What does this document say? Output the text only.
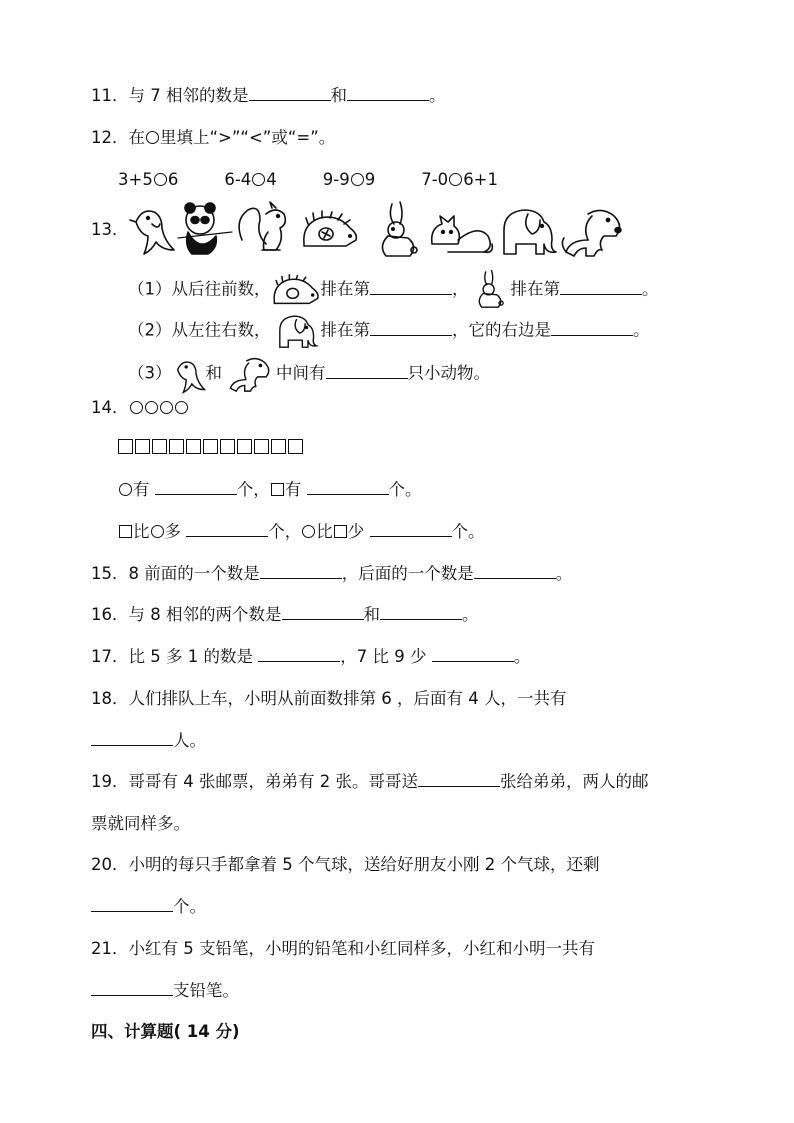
11．与 7 相邻的数是	和	。
12．在 里填上“>”“<”或“=”。
3+5 6	6-4 4	9-9 9	7-0 6+1
13．
（1）从后往前数，	排在第	，	排在第	。
（2）从左往右数，	排在第	，它的右边是	。
（3） 和	中间有	只小动物。
14．
有	个， 有	个。
比 多	个， 比 少	个。
15．8 前面的一个数是	，后面的一个数是	。
16．与 8 相邻的两个数是	和	。
17．比 5 多 1 的数是	，7 比 9 少	。
18．人们排队上车，小明从前面数排第 6 ，后面有 4 人，一共有
人。
19．哥哥有 4 张邮票，弟弟有 2 张。哥哥送	张给弟弟，两人的邮
票就同样多。
20．小明的每只手都拿着 5 个气球，送给好朋友小刚 2 个气球，还剩
个。
21．小红有 5 支铅笔，小明的铅笔和小红同样多，小红和小明一共有
支铅笔。
四、计算题( 14 分)
